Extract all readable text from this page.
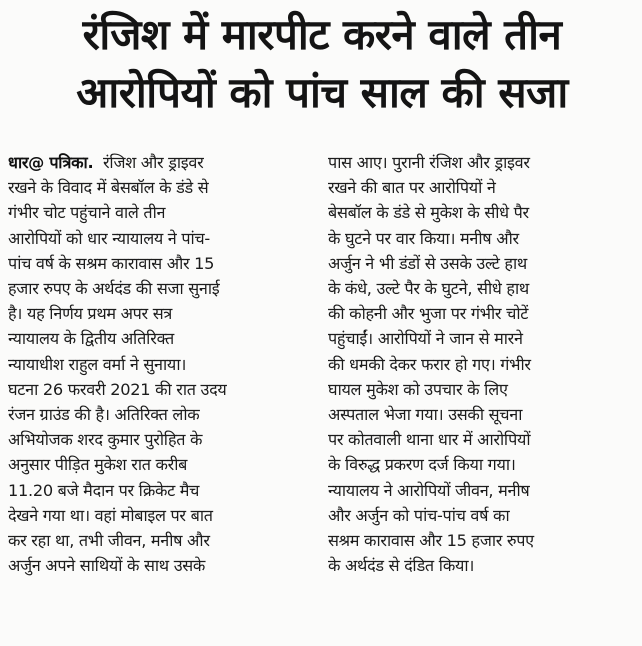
रंजिश में मारपीट करने वाले तीन
आरोपियों को पांच साल की सजा
धार@ पत्रिका. रंजिश और ड्राइवर
रखने के विवाद में बेसबॉल के डंडे से
गंभीर चोट पहुंचाने वाले तीन
आरोपियों को धार न्यायालय ने पांच-
पांच वर्ष के सश्रम कारावास और 15
हजार रुपए के अर्थदंड की सजा सुनाई
है। यह निर्णय प्रथम अपर सत्र
न्यायालय के द्वितीय अतिरिक्त
न्यायाधीश राहुल वर्मा ने सुनाया।
घटना 26 फरवरी 2021 की रात उदय
रंजन ग्राउंड की है। अतिरिक्त लोक
अभियोजक शरद कुमार पुरोहित के
अनुसार पीड़ित मुकेश रात करीब
11.20 बजे मैदान पर क्रिकेट मैच
देखने गया था। वहां मोबाइल पर बात
कर रहा था, तभी जीवन, मनीष और
अर्जुन अपने साथियों के साथ उसके
पास आए। पुरानी रंजिश और ड्राइवर
रखने की बात पर आरोपियों ने
बेसबॉल के डंडे से मुकेश के सीधे पैर
के घुटने पर वार किया। मनीष और
अर्जुन ने भी डंडों से उसके उल्टे हाथ
के कंधे, उल्टे पैर के घुटने, सीधे हाथ
की कोहनी और भुजा पर गंभीर चोटें
पहुंचाईं। आरोपियों ने जान से मारने
की धमकी देकर फरार हो गए। गंभीर
घायल मुकेश को उपचार के लिए
अस्पताल भेजा गया। उसकी सूचना
पर कोतवाली थाना धार में आरोपियों
के विरुद्ध प्रकरण दर्ज किया गया।
न्यायालय ने आरोपियों जीवन, मनीष
और अर्जुन को पांच-पांच वर्ष का
सश्रम कारावास और 15 हजार रुपए
के अर्थदंड से दंडित किया।
